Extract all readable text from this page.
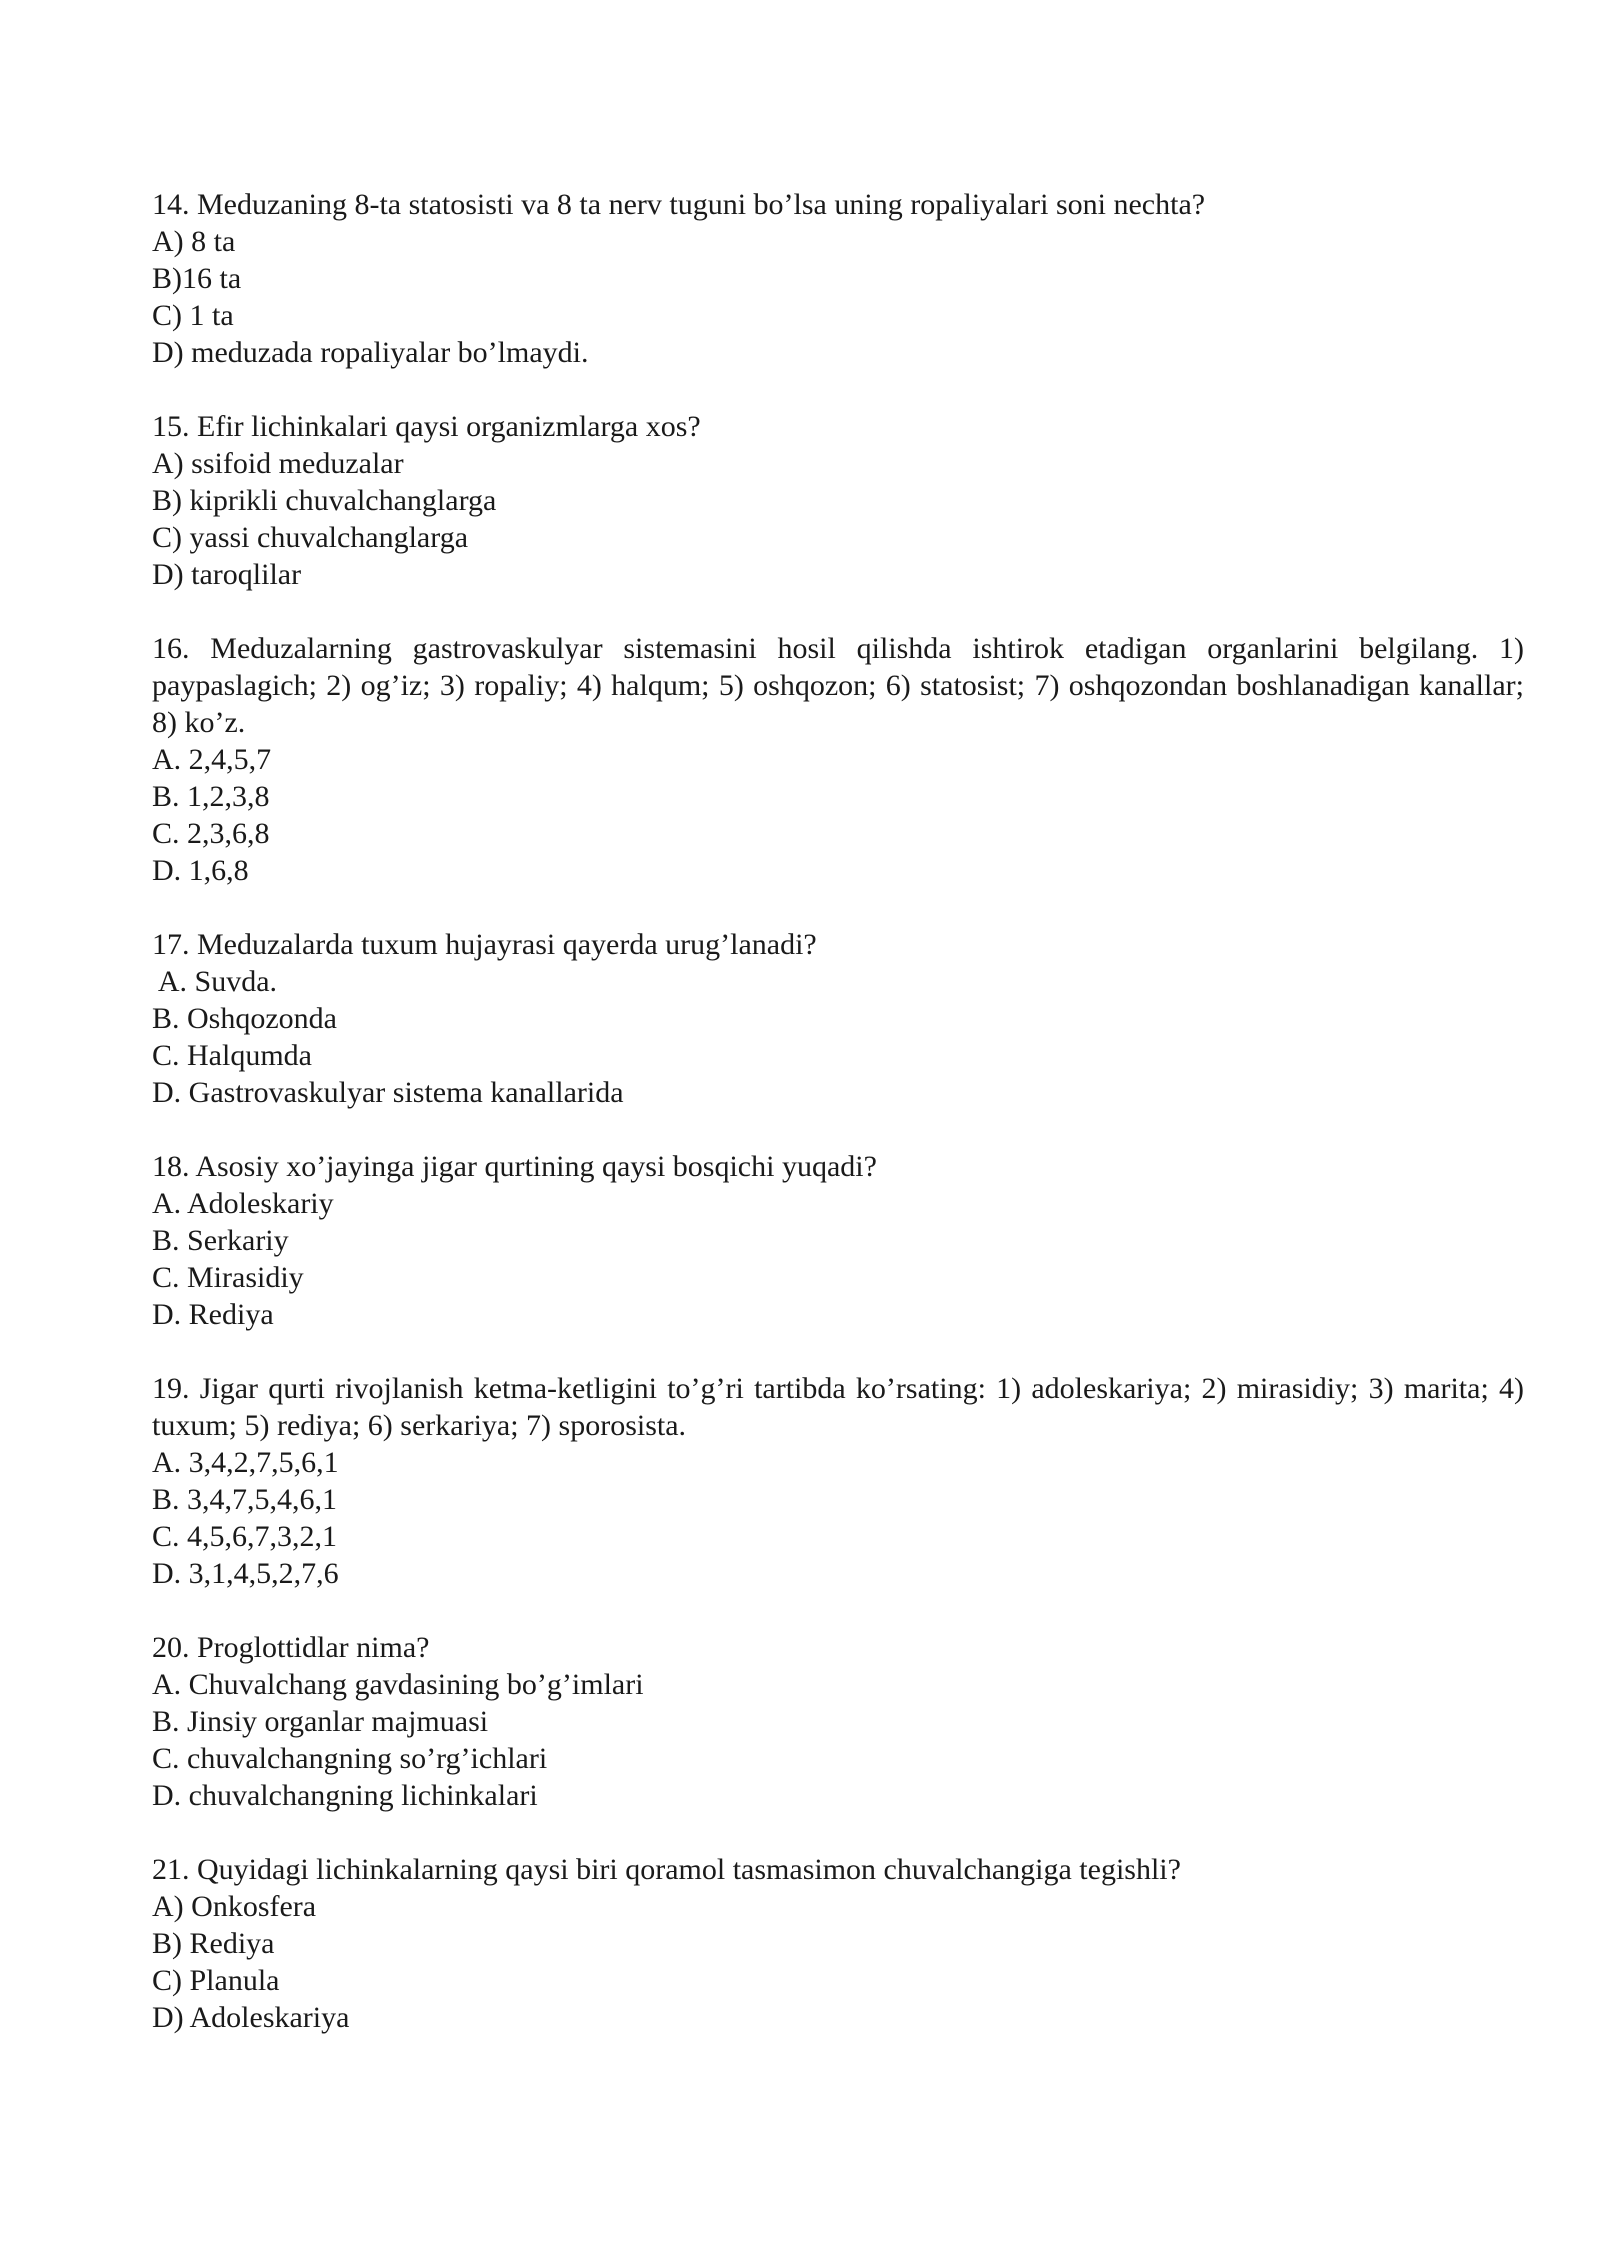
14. Meduzaning 8-ta statosisti va 8 ta nerv tuguni bo’lsa uning ropaliyalari soni nechta?

A) 8 ta

B)16 ta

C) 1 ta

D) meduzada ropaliyalar bo’lmaydi.

15. Efir lichinkalari qaysi organizmlarga xos?

A) ssifoid meduzalar

B) kiprikli chuvalchanglarga

C) yassi chuvalchanglarga

D) taroqlilar

16. Meduzalarning gastrovaskulyar sistemasini hosil qilishda ishtirok etadigan organlarini belgilang. 1) paypaslagich; 2) og’iz; 3) ropaliy; 4) halqum; 5) oshqozon; 6) statosist; 7) oshqozondan boshlanadigan kanallar; 8) ko’z.

A. 2,4,5,7

B. 1,2,3,8

C. 2,3,6,8

D. 1,6,8

17. Meduzalarda tuxum hujayrasi qayerda urug’lanadi?

A. Suvda.

B. Oshqozonda

C. Halqumda

D. Gastrovaskulyar sistema kanallarida

18. Asosiy xo’jayinga jigar qurtining qaysi bosqichi yuqadi?

A. Adoleskariy

B. Serkariy

C. Mirasidiy

D. Rediya

19. Jigar qurti rivojlanish ketma-ketligini to’g’ri tartibda ko’rsating: 1) adoleskariya; 2) mirasidiy; 3) marita; 4) tuxum; 5) rediya; 6) serkariya; 7) sporosista.

A. 3,4,2,7,5,6,1

B. 3,4,7,5,4,6,1

C. 4,5,6,7,3,2,1

D. 3,1,4,5,2,7,6

20. Proglottidlar nima?

A. Chuvalchang gavdasining bo’g’imlari

B. Jinsiy organlar majmuasi

C. chuvalchangning so’rg’ichlari

D. chuvalchangning lichinkalari

21. Quyidagi lichinkalarning qaysi biri qoramol tasmasimon chuvalchangiga tegishli?

A) Onkosfera

B) Rediya

C) Planula

D) Adoleskariya
